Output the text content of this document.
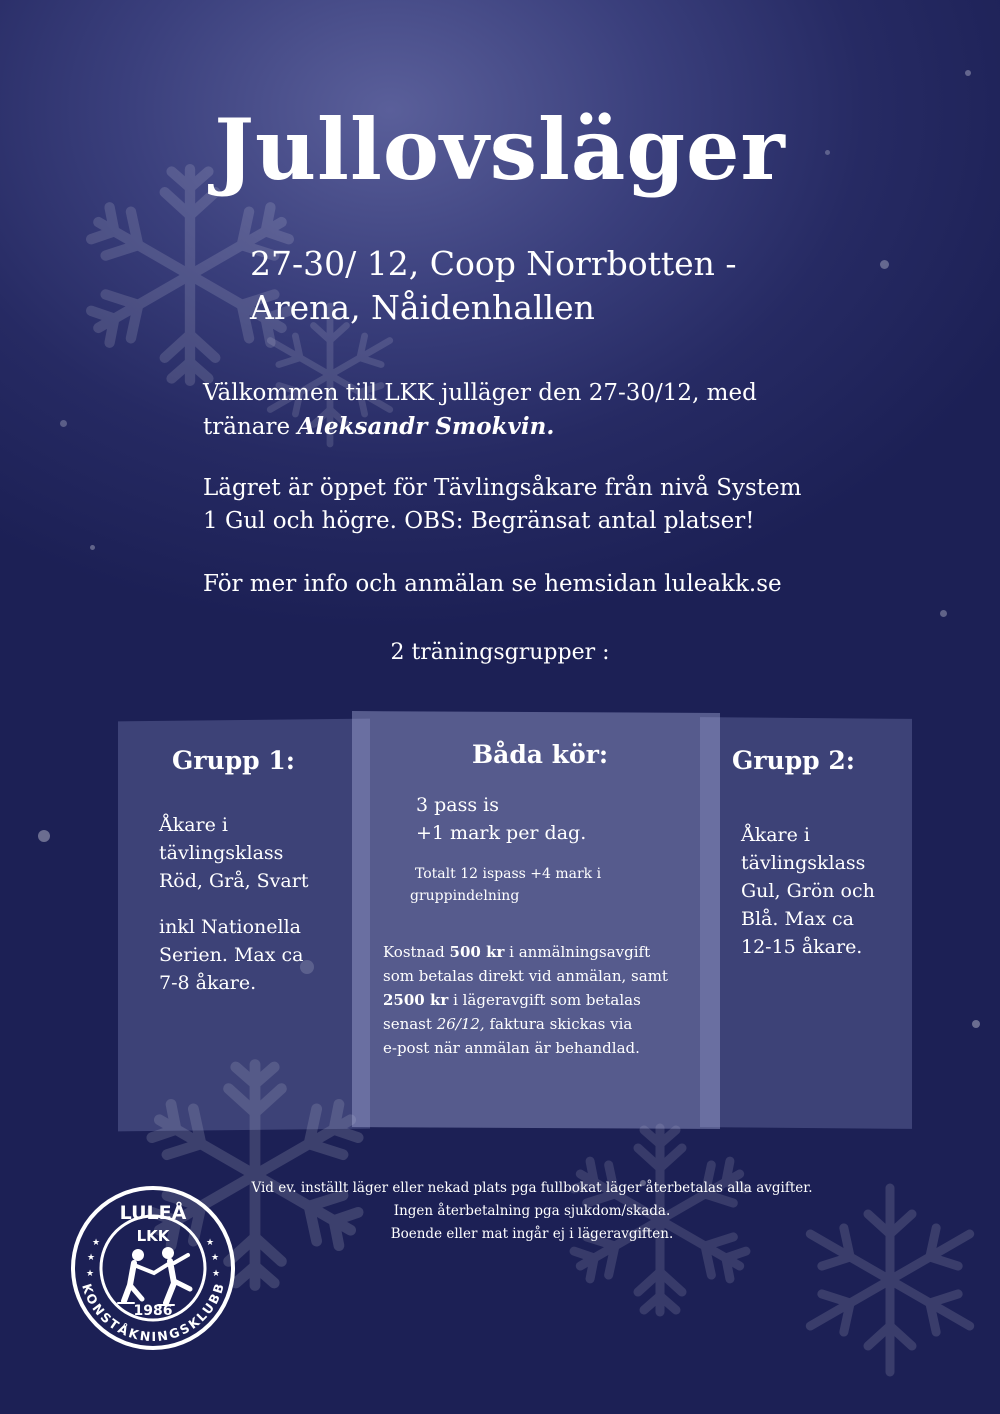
Jullovsläger
27-30/ 12, Coop Norrbotten -
Arena, Nåidenhallen
Välkommen till LKK julläger den 27-30/12, med
tränare Aleksandr Smokvin.
Lägret är öppet för Tävlingsåkare från nivå System
1 Gul och högre. OBS: Begränsat antal platser!
För mer info och anmälan se hemsidan luleakk.se
2 träningsgrupper :
Grupp 1:
Åkare i
tävlingsklass
Röd, Grå, Svart
inkl Nationella
Serien. Max ca
7-8 åkare.
Båda kör:
3 pass is
+1 mark per dag.
Totalt 12 ispass +4 mark i
gruppindelning
Kostnad 500 kr i anmälningsavgift
som betalas direkt vid anmälan, samt
2500 kr i lägeravgift som betalas
senast 26/12, faktura skickas via
e-post när anmälan är behandlad.
Grupp 2:
Åkare i
tävlingsklass
Gul, Grön och
Blå. Max ca
12-15 åkare.
Vid ev. inställt läger eller nekad plats pga fullbokat läger återbetalas alla avgifter.
Ingen återbetalning pga sjukdom/skada.
Boende eller mat ingår ej i lägeravgiften.
LULEÅ
LKK
KONSTÅKNINGSKLUBB
1986
★
★
★
★
★
★
